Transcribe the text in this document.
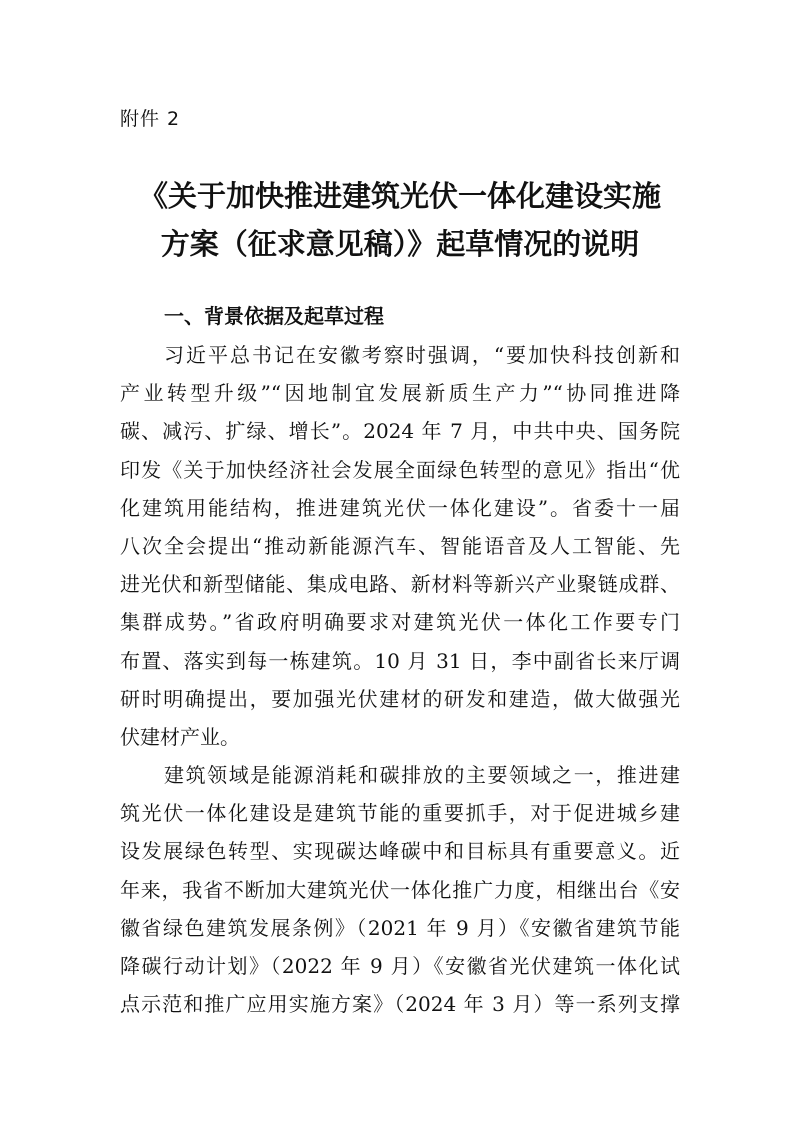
附件 2
《关于加快推进建筑光伏一体化建设实施
方案（征求意见稿）》起草情况的说明
一、背景依据及起草过程
习近平总书记在安徽考察时强调，“要加快科技创新和
产业转型升级”“因地制宜发展新质生产力”“协同推进降
碳、减污、扩绿、增长”。2024 年 7 月，中共中央、国务院
印发《关于加快经济社会发展全面绿色转型的意见》指出“优
化建筑用能结构，推进建筑光伏一体化建设”。省委十一届
八次全会提出“推动新能源汽车、智能语音及人工智能、先
进光伏和新型储能、集成电路、新材料等新兴产业聚链成群、
集群成势。”省政府明确要求对建筑光伏一体化工作要专门
布置、落实到每一栋建筑。10 月 31 日，李中副省长来厅调
研时明确提出，要加强光伏建材的研发和建造，做大做强光
伏建材产业。
建筑领域是能源消耗和碳排放的主要领域之一，推进建
筑光伏一体化建设是建筑节能的重要抓手，对于促进城乡建
设发展绿色转型、实现碳达峰碳中和目标具有重要意义。近
年来，我省不断加大建筑光伏一体化推广力度，相继出台《安
徽省绿色建筑发展条例》（2021 年 9 月）《安徽省建筑节能
降碳行动计划》（2022 年 9 月）《安徽省光伏建筑一体化试
点示范和推广应用实施方案》（2024 年 3 月）等一系列支撑
